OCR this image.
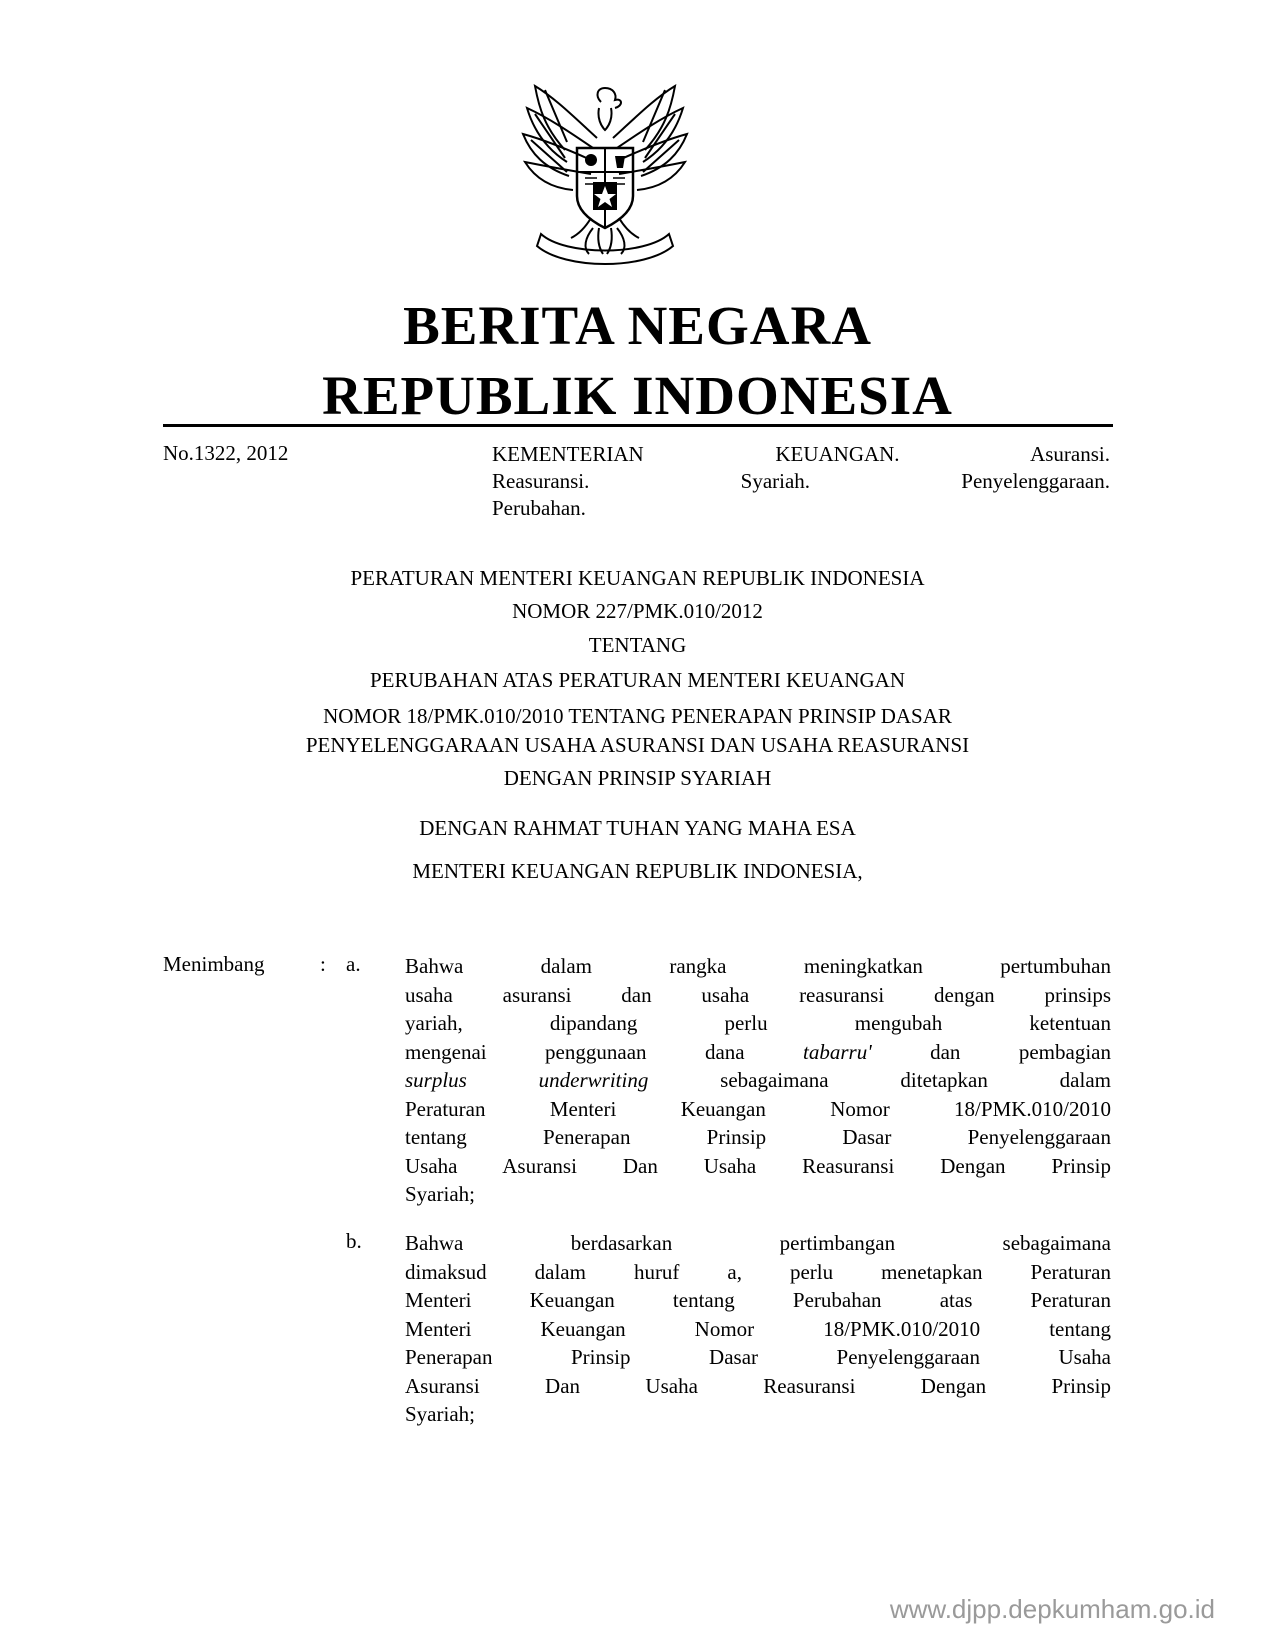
BERITA NEGARA
REPUBLIK INDONESIA
No.1322, 2012	KEMENTERIAN KEUANGAN. Asuransi.
Reasuransi. Syariah. Penyelenggaraan.
Perubahan.
PERATURAN MENTERI KEUANGAN REPUBLIK INDONESIA
NOMOR 227/PMK.010/2012
TENTANG
PERUBAHAN ATAS PERATURAN MENTERI KEUANGAN
NOMOR 18/PMK.010/2010 TENTANG PENERAPAN PRINSIP DASAR
PENYELENGGARAAN USAHA ASURANSI DAN USAHA REASURANSI
DENGAN PRINSIP SYARIAH
DENGAN RAHMAT TUHAN YANG MAHA ESA
MENTERI KEUANGAN REPUBLIK INDONESIA,
Menimbang	: a. Bahwa dalam rangka meningkatkan pertumbuhan
usaha asuransi dan usaha reasuransi dengan prinsips
yariah, dipandang perlu mengubah ketentuan
mengenai penggunaan dana tabarru' dan pembagian
surplus underwriting sebagaimana ditetapkan dalam
Peraturan Menteri Keuangan Nomor 18/PMK.010/2010
tentang Penerapan Prinsip Dasar Penyelenggaraan
Usaha Asuransi Dan Usaha Reasuransi Dengan Prinsip
Syariah;
b. Bahwa berdasarkan pertimbangan sebagaimana
dimaksud dalam huruf a, perlu menetapkan Peraturan
Menteri Keuangan tentang Perubahan atas Peraturan
Menteri Keuangan Nomor 18/PMK.010/2010 tentang
Penerapan Prinsip Dasar Penyelenggaraan Usaha
Asuransi Dan Usaha Reasuransi Dengan Prinsip
Syariah;
www.djpp.depkumham.go.id
